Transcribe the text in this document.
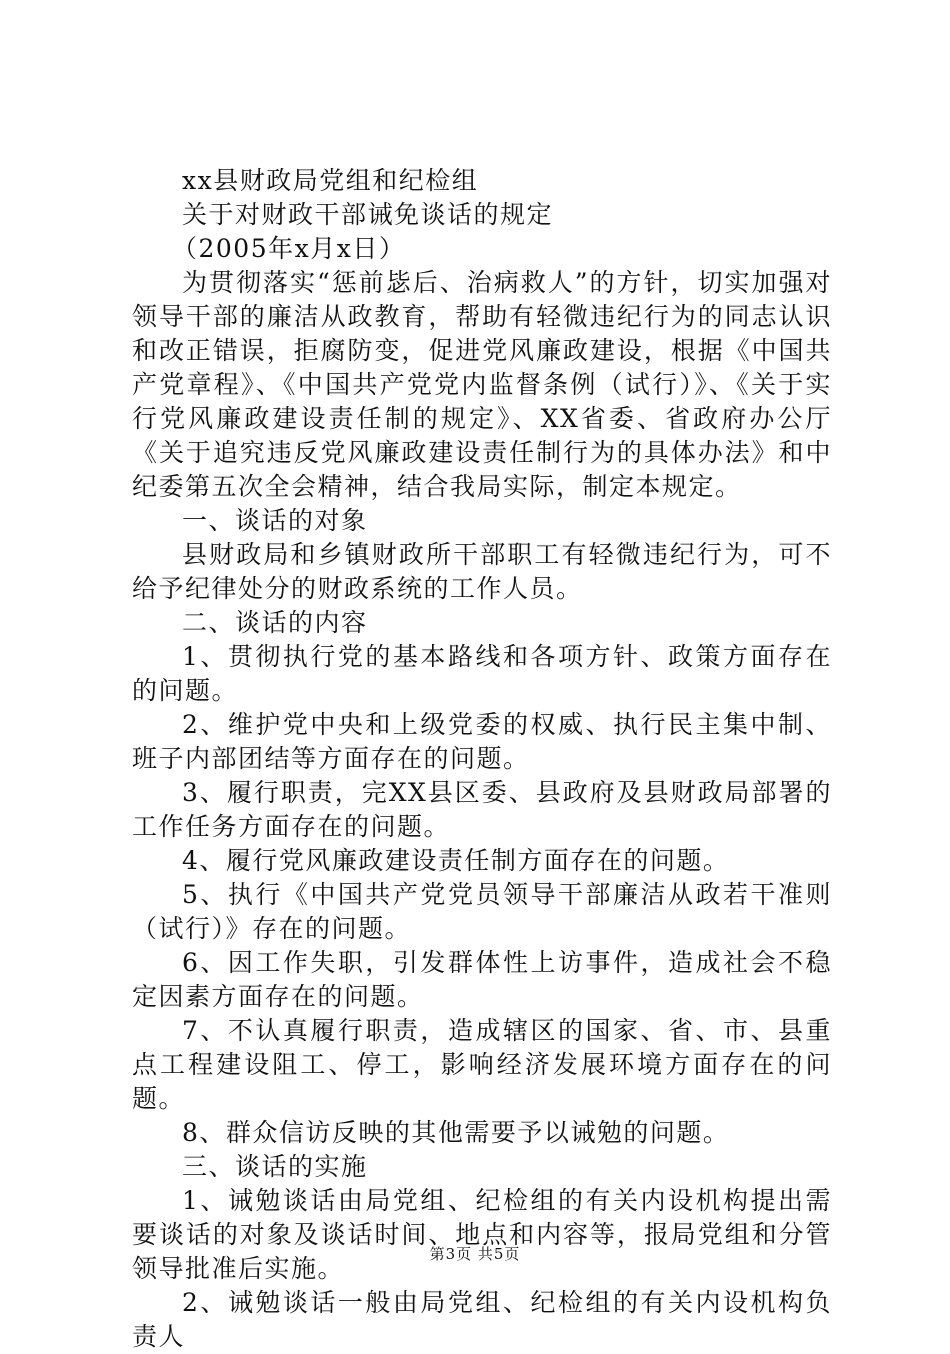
xx县财政局党组和纪检组

关于对财政干部诫免谈话的规定

（2005年x月x日）

为贯彻落实“惩前毖后、治病救人”的方针，切实加强对领导干部的廉洁从政教育，帮助有轻微违纪行为的同志认识和改正错误，拒腐防变，促进党风廉政建设，根据《中国共产党章程》、《中国共产党党内监督条例（试行）》、《关于实行党风廉政建设责任制的规定》、XX省委、省政府办公厅《关于追究违反党风廉政建设责任制行为的具体办法》和中纪委第五次全会精神，结合我局实际，制定本规定。

一、谈话的对象

县财政局和乡镇财政所干部职工有轻微违纪行为，可不给予纪律处分的财政系统的工作人员。

二、谈话的内容

1、贯彻执行党的基本路线和各项方针、政策方面存在的问题。

2、维护党中央和上级党委的权威、执行民主集中制、班子内部团结等方面存在的问题。

3、履行职责，完XX县区委、县政府及县财政局部署的工作任务方面存在的问题。

4、履行党风廉政建设责任制方面存在的问题。

5、执行《中国共产党党员领导干部廉洁从政若干准则（试行）》存在的问题。

6、因工作失职，引发群体性上访事件，造成社会不稳定因素方面存在的问题。

7、不认真履行职责，造成辖区的国家、省、市、县重点工程建设阻工、停工，影响经济发展环境方面存在的问题。

8、群众信访反映的其他需要予以诫勉的问题。

三、谈话的实施

1、诫勉谈话由局党组、纪检组的有关内设机构提出需要谈话的对象及谈话时间、地点和内容等，报局党组和分管领导批准后实施。

2、诫勉谈话一般由局党组、纪检组的有关内设机构负责人

第3页 共5页
